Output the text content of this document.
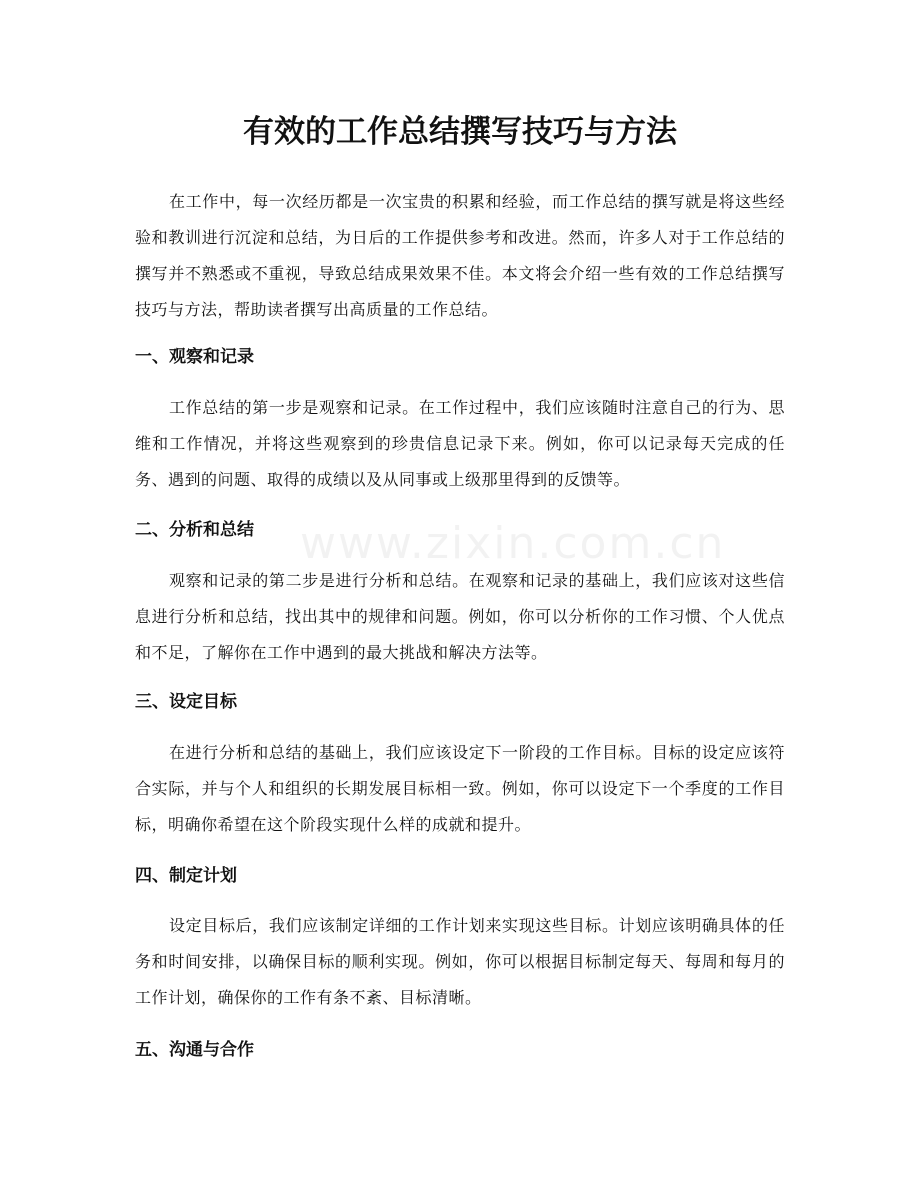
www.zixin.com.cn
有效的工作总结撰写技巧与方法

在工作中，每一次经历都是一次宝贵的积累和经验，而工作总结的撰写就是将这些经验和教训进行沉淀和总结，为日后的工作提供参考和改进。然而，许多人对于工作总结的撰写并不熟悉或不重视，导致总结成果效果不佳。本文将会介绍一些有效的工作总结撰写技巧与方法，帮助读者撰写出高质量的工作总结。

一、观察和记录

工作总结的第一步是观察和记录。在工作过程中，我们应该随时注意自己的行为、思维和工作情况，并将这些观察到的珍贵信息记录下来。例如，你可以记录每天完成的任务、遇到的问题、取得的成绩以及从同事或上级那里得到的反馈等。

二、分析和总结

观察和记录的第二步是进行分析和总结。在观察和记录的基础上，我们应该对这些信息进行分析和总结，找出其中的规律和问题。例如，你可以分析你的工作习惯、个人优点和不足，了解你在工作中遇到的最大挑战和解决方法等。

三、设定目标

在进行分析和总结的基础上，我们应该设定下一阶段的工作目标。目标的设定应该符合实际，并与个人和组织的长期发展目标相一致。例如，你可以设定下一个季度的工作目标，明确你希望在这个阶段实现什么样的成就和提升。

四、制定计划

设定目标后，我们应该制定详细的工作计划来实现这些目标。计划应该明确具体的任务和时间安排，以确保目标的顺利实现。例如，你可以根据目标制定每天、每周和每月的工作计划，确保你的工作有条不紊、目标清晰。

五、沟通与合作
